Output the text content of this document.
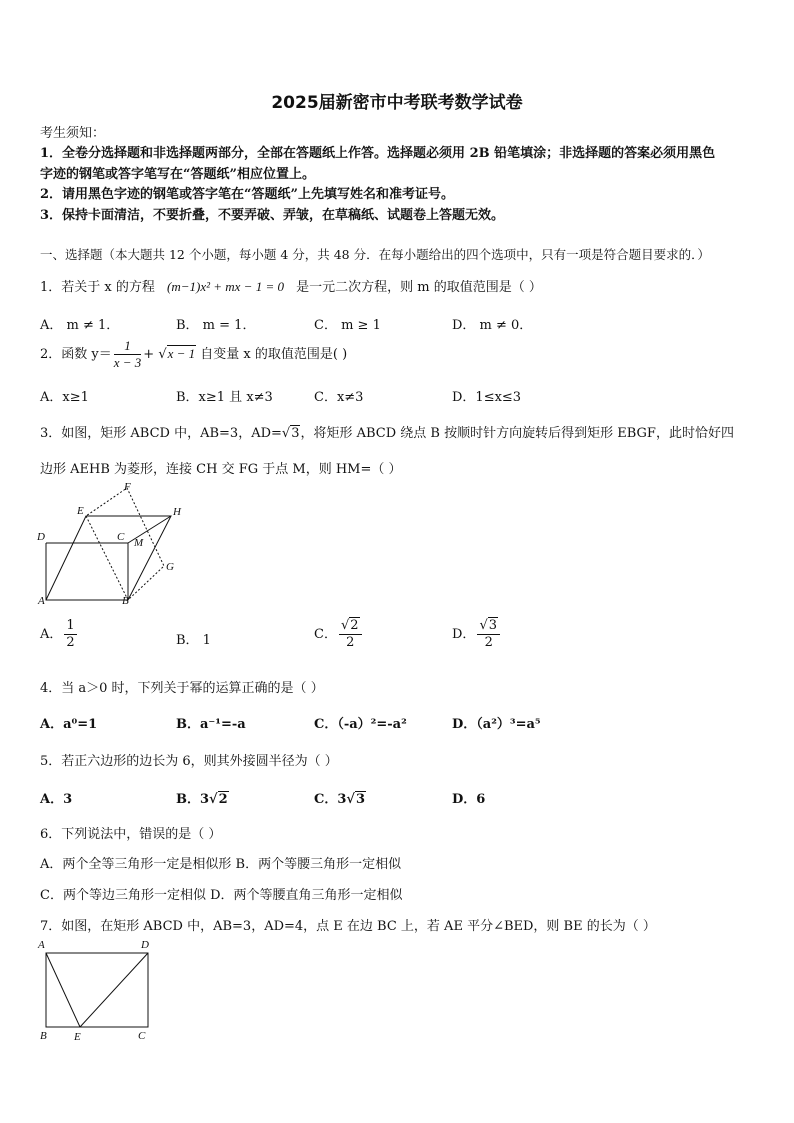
2025届新密市中考联考数学试卷
考生须知：
1．全卷分选择题和非选择题两部分，全部在答题纸上作答。选择题必须用 2B 铅笔填涂；非选择题的答案必须用黑色
字迹的钢笔或答字笔写在“答题纸”相应位置上。
2．请用黑色字迹的钢笔或答字笔在“答题纸”上先填写姓名和准考证号。
3．保持卡面清洁，不要折叠，不要弄破、弄皱，在草稿纸、试题卷上答题无效。
一、选择题（本大题共 12 个小题，每小题 4 分，共 48 分．在每小题给出的四个选项中，只有一项是符合题目要求的．）
1．若关于 x 的方程 (m−1)x² + mx − 1 = 0 是一元二次方程，则 m 的取值范围是（ ）
A． m ≠ 1．	B． m = 1．	C． m ≥ 1	D． m ≠ 0．
2．函数 $y= \frac{1}{x - 3} + √x - 1$ 自变量 x 的取值范围是( )
A．x≥1	B．x≥1 且 x≠3	C．x≠3	D．1≤x≤3
3．如图，矩形 ABCD 中，AB=3，AD=√3，将矩形 ABCD 绕点 B 按顺时针方向旋转后得到矩形 EBGF，此时恰好四
边形 AEHB 为菱形，连接 CH 交 FG 于点 M，则 HM=（ ）
F
E	H
D	C M
G
A	B
A． $\frac{1}{2}$	B． 1	C． $\frac{√2}{2}$	D． $\frac{√3}{2}$
4．当 a＞0 时，下列关于幂的运算正确的是（ ）
A．a⁰=1	B．a⁻¹=-a	C．（-a）²=-a²	D．（a²）³=a⁵
5．若正六边形的边长为 6，则其外接圆半径为（ ）
A．3	B．3√2	C．3√3	D．6
6．下列说法中，错误的是（ ）
A．两个全等三角形一定是相似形 B．两个等腰三角形一定相似
C．两个等边三角形一定相似 D．两个等腰直角三角形一定相似
7．如图，在矩形 ABCD 中，AB=3，AD=4，点 E 在边 BC 上，若 AE 平分∠BED，则 BE 的长为（ ）
A	D
B E	C
